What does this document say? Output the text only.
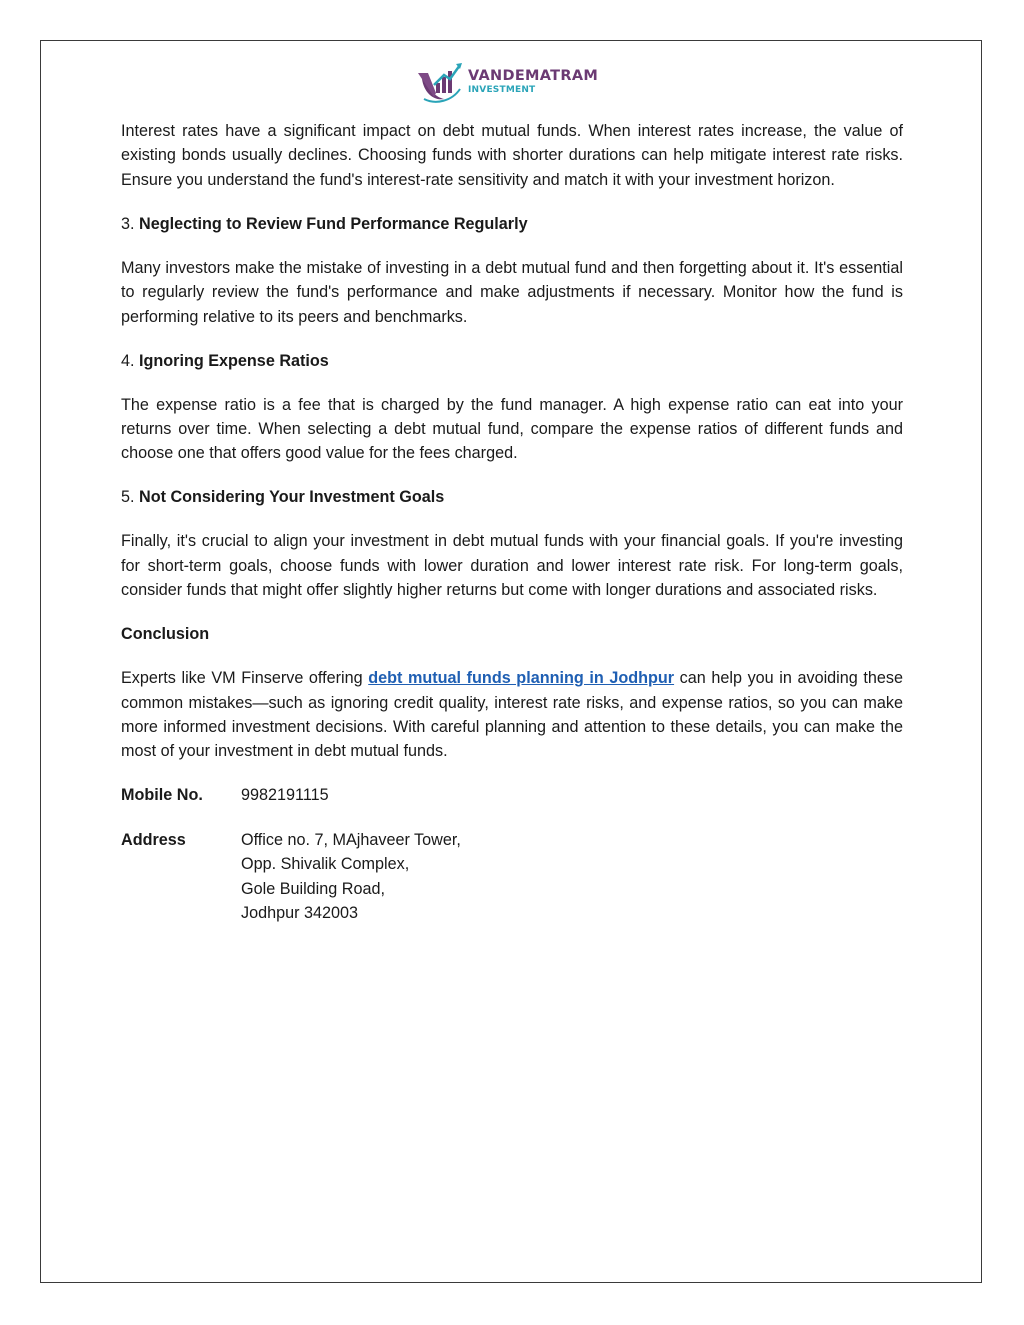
VANDEMATRAM
INVESTMENT

Interest rates have a significant impact on debt mutual funds. When interest rates increase, the value of existing bonds usually declines. Choosing funds with shorter durations can help mitigate interest rate risks. Ensure you understand the fund's interest-rate sensitivity and match it with your investment horizon.

3. Neglecting to Review Fund Performance Regularly

Many investors make the mistake of investing in a debt mutual fund and then forgetting about it. It's essential to regularly review the fund's performance and make adjustments if necessary. Monitor how the fund is performing relative to its peers and benchmarks.

4. Ignoring Expense Ratios

The expense ratio is a fee that is charged by the fund manager. A high expense ratio can eat into your returns over time. When selecting a debt mutual fund, compare the expense ratios of different funds and choose one that offers good value for the fees charged.

5. Not Considering Your Investment Goals

Finally, it's crucial to align your investment in debt mutual funds with your financial goals. If you're investing for short-term goals, choose funds with lower duration and lower interest rate risk. For long-term goals, consider funds that might offer slightly higher returns but come with longer durations and associated risks.

Conclusion

Experts like VM Finserve offering debt mutual funds planning in Jodhpur can help you in avoiding these common mistakes—such as ignoring credit quality, interest rate risks, and expense ratios, so you can make more informed investment decisions. With careful planning and attention to these details, you can make the most of your investment in debt mutual funds.

Mobile No.	9982191115
Address	Office no. 7, MAjhaveer Tower,
Opp. Shivalik Complex,
Gole Building Road,
Jodhpur 342003
